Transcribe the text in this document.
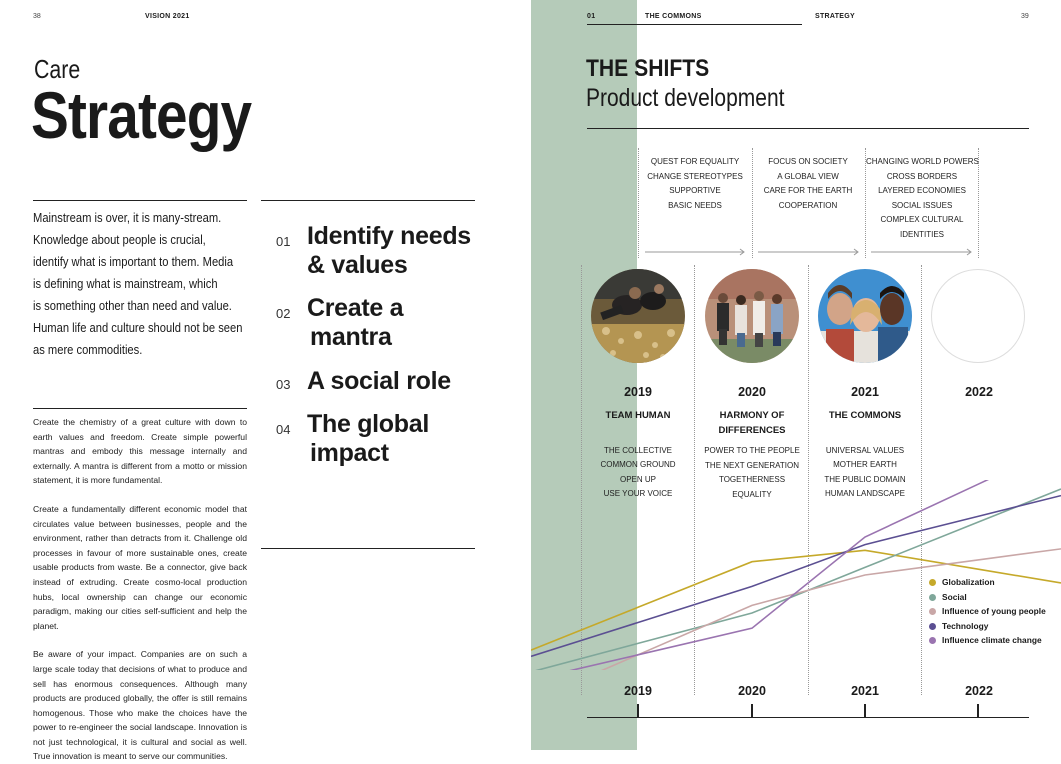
38	VISION 2021
Care
Strategy
Mainstream is over, it is many-stream.
Knowledge about people is crucial,
identify what is important to them. Media
is defining what is mainstream, which
is something other than need and value.
Human life and culture should not be seen
as mere commodities.

Create the chemistry of a great culture with down to earth values and freedom. Create simple powerful mantras and embody this message internally and externally. A mantra is different from a motto or mission statement, it is more fundamental.

Create a fundamentally different economic model that circulates value between businesses, people and the environment, rather than detracts from it. Challenge old processes in favour of more sustainable ones, create usable products from waste. Be a connector, give back instead of extruding. Create cosmo-local production hubs, local ownership can change our economic paradigm, making our cities self-sufficient and help the planet.

Be aware of your impact. Companies are on such a large scale today that decisions of what to produce and sell has enormous consequences. Although many products are produced globally, the offer is still remains homogenous. Those who make the choices have the power to re-engineer the social landscape. Innovation is not just technological, it is cultural and social as well. True innovation is meant to serve our communities.

01 Identify needs
& values
02 Create a
mantra
03 A social role
04 The global
impact
01	THE COMMONS	STRATEGY	39
THE SHIFTS
Product development
QUEST FOR EQUALITY
CHANGE STEREOTYPES
SUPPORTIVE
BASIC NEEDS
FOCUS ON SOCIETY
A GLOBAL VIEW
CARE FOR THE EARTH
COOPERATION
CHANGING WORLD POWERS
CROSS BORDERS
LAYERED ECONOMIES
SOCIAL ISSUES
COMPLEX CULTURAL
IDENTITIES
2019
TEAM HUMAN
THE COLLECTIVE
COMMON GROUND
OPEN UP
USE YOUR VOICE
2020
HARMONY OF DIFFERENCES
POWER TO THE PEOPLE
THE NEXT GENERATION
TOGETHERNESS
EQUALITY
2021
THE COMMONS
UNIVERSAL VALUES
MOTHER EARTH
THE PUBLIC DOMAIN
HUMAN LANDSCAPE
2022
Globalization
Social
Influence of young people
Technology
Influence climate change
2019	2020	2021	2022
